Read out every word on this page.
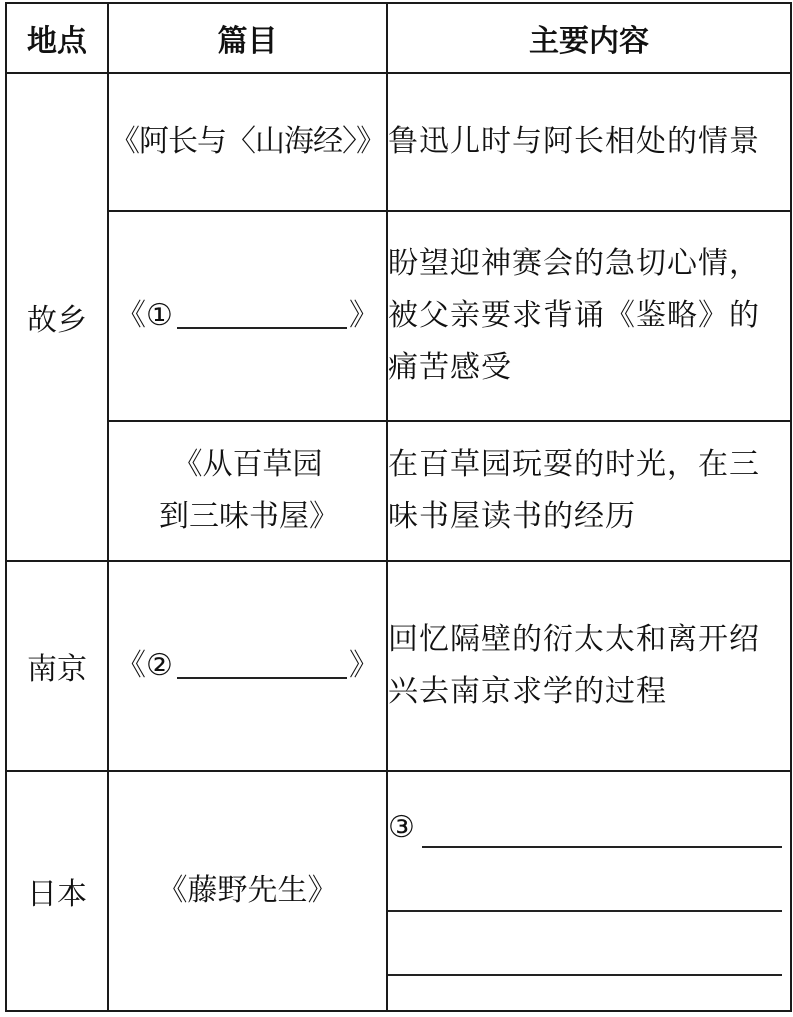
地点	篇目	主要内容
故乡	《阿长与〈山海经〉》	鲁迅儿时与阿长相处的情景
	《① 》	盼望迎神赛会的急切心情，被父亲要求背诵《鉴略》的痛苦感受
	《从百草园到三味书屋》	在百草园玩耍的时光，在三味书屋读书的经历
南京	《② 》	回忆隔壁的衍太太和离开绍兴去南京求学的过程
日本	《藤野先生》	③
